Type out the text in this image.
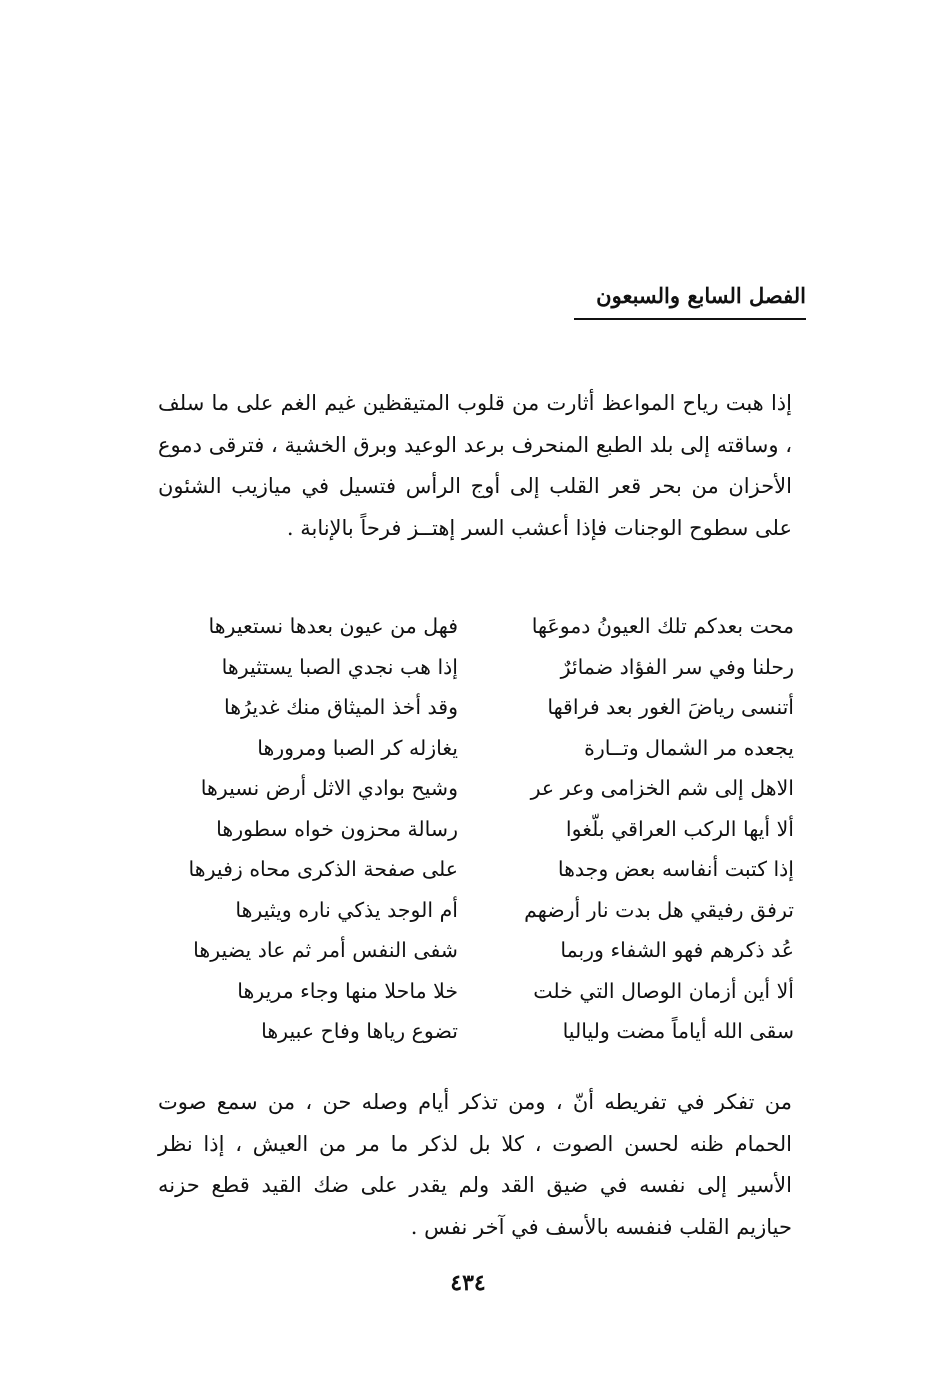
الفصل السابع والسبعون

إذا هبت رياح المواعظ أثارت من قلوب المتيقظين غيم الغم على ما سلف ، وساقته إلى بلد الطبع المنحرف برعد الوعيد وبرق الخشية ، فترقى دموع الأحزان من بحر قعر القلب إلى أوج الرأس فتسيل في ميازيب الشئون على سطوح الوجنات فإذا أعشب السر إهتــز فرحاً بالإنابة .

محت بعدكم تلك العيونُ دموعَها
فهل من عيون بعدها نستعيرها
رحلنا وفي سر الفؤاد ضمائرٌ
إذا هب نجدي الصبا يستثيرها
أتنسى رياضَ الغور بعد فراقها
وقد أخذ الميثاق منك غديرُها
يجعده مر الشمال وتــارة
يغازله كر الصبا ومرورها
الاهل إلى شم الخزامى وعر عر
وشيح بوادي الاثل أرض نسيرها
ألا أيها الركب العراقي بلّغوا
رسالة محزون خواه سطورها
إذا كتبت أنفاسه بعض وجدها
على صفحة الذكرى محاه زفيرها
ترفق رفيقي هل بدت نار أرضهم
أم الوجد يذكي ناره ويثيرها
عُد ذكرهم فهو الشفاء وربما
شفى النفس أمر ثم عاد يضيرها
ألا أين أزمان الوصال التي خلت
خلا ماحلا منها وجاء مريرها
سقى الله أياماً مضت ولياليا
تضوع رياها وفاح عبيرها

من تفكر في تفريطه أنّ ، ومن تذكر أيام وصله حن ، من سمع صوت الحمام ظنه لحسن الصوت ، كلا بل لذكر ما مر من العيش ، إذا نظر الأسير إلى نفسه في ضيق القد ولم يقدر على ضك القيد قطع حزنه حيازيم القلب فنفسه بالأسف في آخر نفس .

٤٣٤
